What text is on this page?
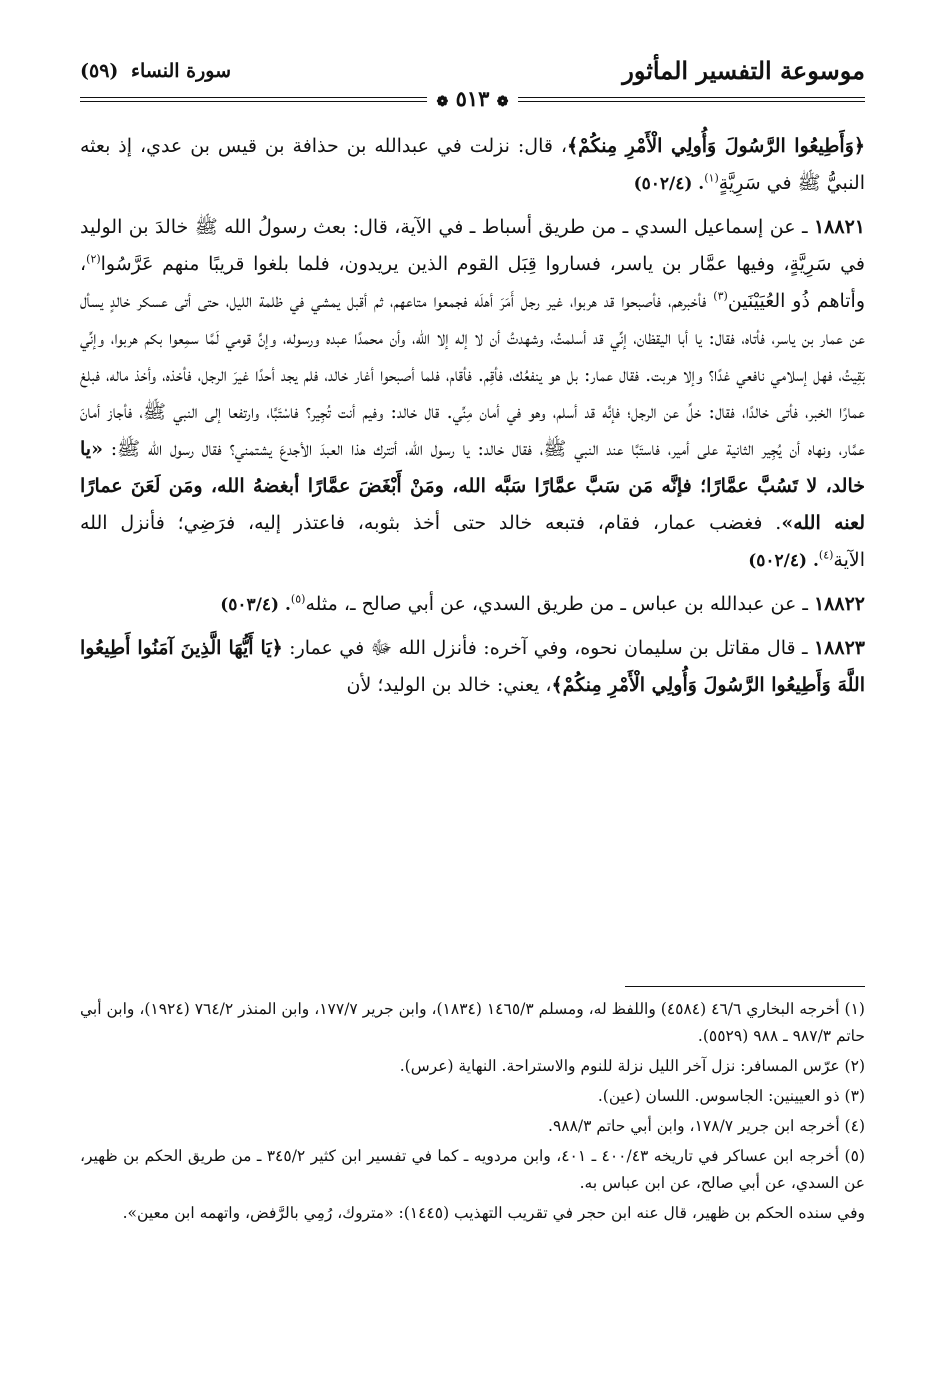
موسوعة التفسير المأثور
سورة النساء (٥٩)
❁ ٥١٣ ❁

﴿وَأَطِيعُوا الرَّسُولَ وَأُولِي الْأَمْرِ مِنكُمْ﴾، قال: نزلت في عبدالله بن حذافة بن قيس بن عدي، إذ بعثه النبيُّ ﷺ في سَرِيَّةٍ$^{(١)}$. (٥٠٢/٤)

١٨٨٢١ ـ عن إسماعيل السدي ـ من طريق أسباط ـ في الآية، قال: بعث رسولُ الله ﷺ خالدَ بن الوليد في سَرِيَّةٍ، وفيها عمَّار بن ياسر، فساروا قِبَل القوم الذين يريدون، فلما بلغوا قريبًا منهم عَرَّسُوا$^{(٢)}$، وأتاهم ذُو العُيَيْنَين$^{(٣)}$ فأخبرهم، فأصبحوا قد هربوا، غير رجل أَمَرَ أهلَه فجمعوا متاعهم، ثم أقبل يمشي في ظلمة الليل، حتى أتى عسكر خالدٍ يسأل عن عمار بن ياسر، فأتاه، فقال: يا أبا اليقظان، إنِّي قد أسلمتُ، وشهدتُ أن لا إله إلا الله، وأن محمدًا عبده ورسوله، وإنَّ قومي لَمَّا سمِعوا بكم هربوا، وإنِّي بَقِيتُ، فهل إسلامي نافعي غدًا؟ وإلا هربت. فقال عمار: بل هو ينفعُك، فأقِم. فأقام، فلما أصبحوا أغار خالد، فلم يجد أحدًا غيرَ الرجل، فأخذه، وأخذ ماله، فبلغ عمارًا الخبر، فأتى خالدًا، فقال: خلِّ عن الرجل؛ فإنَّه قد أسلم، وهو في أمان مِنِّي. قال خالد: وفيم أنت تُجِير؟ فاسْتَبَّا، وارتفعا إلى النبي ﷺ، فأجاز أمانَ عمَّار، ونهاه أن يُجِير الثانية على أمير، فاستَبَّا عند النبي ﷺ، فقال خالد: يا رسول الله، أتترك هذا العبدَ الأجدعَ يشتمني؟ فقال رسول الله ﷺ: «يا خالد، لا تَسُبَّ عمَّارًا؛ فإنَّه مَن سَبَّ عمَّارًا سَبَّه الله، ومَنْ أَبْغَضَ عمَّارًا أبغضهُ الله، ومَن لَعَنَ عمارًا لعنه الله». فغضب عمار، فقام، فتبعه خالد حتى أخذ بثوبه، فاعتذر إليه، فرَضِي؛ فأنزل الله الآية$^{(٤)}$. (٥٠٢/٤)

١٨٨٢٢ ـ عن عبدالله بن عباس ـ من طريق السدي، عن أبي صالح ـ، مثله$^{(٥)}$. (٥٠٣/٤)

١٨٨٢٣ ـ قال مقاتل بن سليمان نحوه، وفي آخره: فأنزل الله ﷻ في عمار: ﴿يَا أَيُّهَا الَّذِينَ آمَنُوا أَطِيعُوا اللَّهَ وَأَطِيعُوا الرَّسُولَ وَأُولِي الْأَمْرِ مِنكُمْ﴾، يعني: خالد بن الوليد؛ لأن

(١) أخرجه البخاري ٤٦/٦ (٤٥٨٤) واللفظ له، ومسلم ١٤٦٥/٣ (١٨٣٤)، وابن جرير ١٧٧/٧، وابن المنذر ٧٦٤/٢ (١٩٢٤)، وابن أبي حاتم ٩٨٧/٣ ـ ٩٨٨ (٥٥٢٩).

(٢) عرّس المسافر: نزل آخر الليل نزلة للنوم والاستراحة. النهاية (عرس).

(٣) ذو العيينين: الجاسوس. اللسان (عين).

(٤) أخرجه ابن جرير ١٧٨/٧، وابن أبي حاتم ٩٨٨/٣.

(٥) أخرجه ابن عساكر في تاريخه ٤٠٠/٤٣ ـ ٤٠١، وابن مردويه ـ كما في تفسير ابن كثير ٣٤٥/٢ ـ من طريق الحكم بن ظهير، عن السدي، عن أبي صالح، عن ابن عباس به.

وفي سنده الحكم بن ظهير، قال عنه ابن حجر في تقريب التهذيب (١٤٤٥): «متروك، رُمِي بالرَّفض، واتهمه ابن معين».
